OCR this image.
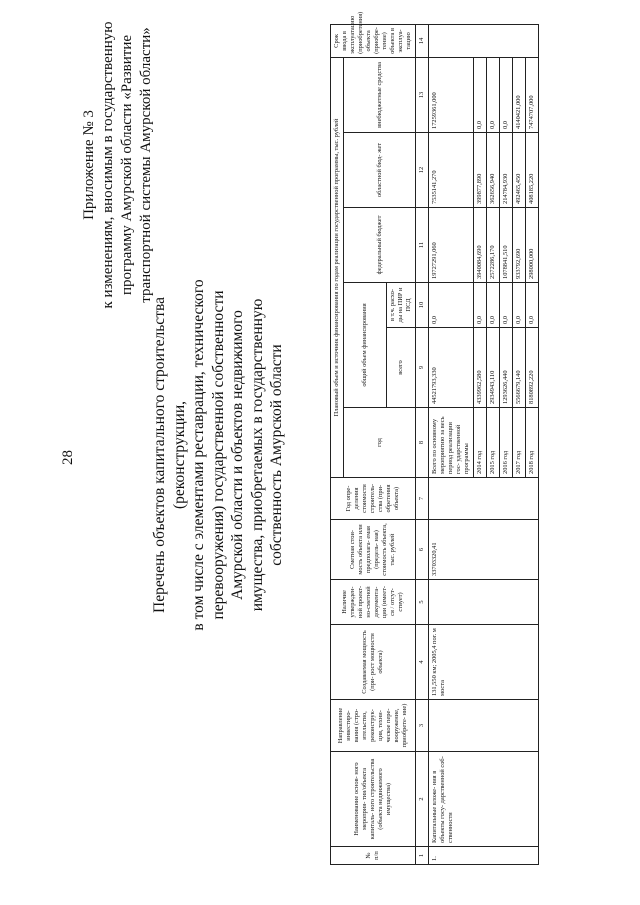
28
Приложение № 3 к изменениям, вносимым в государственную программу Амурской области «Развитие транспортной системы Амурской области»
Перечень объектов капитального строительства (реконструкции, в том числе с элементами реставрации, технического перевооружения) государственной собственности Амурской области и объектов недвижимого имущества, приобретаемых в государственную собственность Амурской области
№ п/п	Наименование основ- ного мероприя- тия/объекта капиталь- ного строительства (объекта недвижимого имущества)	Направление инвестиро- вания (стро- ительство, реконструк- ция, техни- ческое пере- вооружение, приобрете- ние)	Создаваемая мощность (при- рост мощности объекта)	Наличие утвержден- ной проект- но-сметной документа- ции (имеет- ся / отсут- ствует)	Сметная стои- мость объекта или предполага- емая (предель- ная) стоимость объекта, тыс. рублей	Год опре- деления стоимости строитель- ства (при- обретения объекта)	Плановый объем и источник финансирования по годам реализации государственной программы, тыс. рублей						Срок ввода в эксплуатацию (приобретения) объекта (приобре- тение) объекта в эксплуа- тацию
							год	общий объем финансирования		федеральный бюджет	областной бюд- жет	внебюджетные средства	
								всего	в т.ч. расхо- ды на ПИР и ПСД				
1	2	3	4	5	6	7	8	9	10	11	12	13	14
1.	Капитальные вложе- ния в объекты госу- дарственной соб- ственности		131,550 км; 2005,4 пог. м моста		33703320,41		Всего по основному мероприятию за весь период реализации гос- ударственной программы	44521793,330	0,0	19727291,060	7535141,270	17259361,000	
							2014 год	4339962,580	0,0	3940084,690	399877,890	0,0	
							2015 год	2934943,110	0,0	2572286,170	362656,940	0,0	
							2016 год	1293626,440	0,0	1078841,510	214784,930	0,0	
							2017 год	5566679,140	0,0	933792,690	492465,450	4140421,000	
							2018 год	8180892,220	0,0	298000,000	408185,220	7474707,000	
